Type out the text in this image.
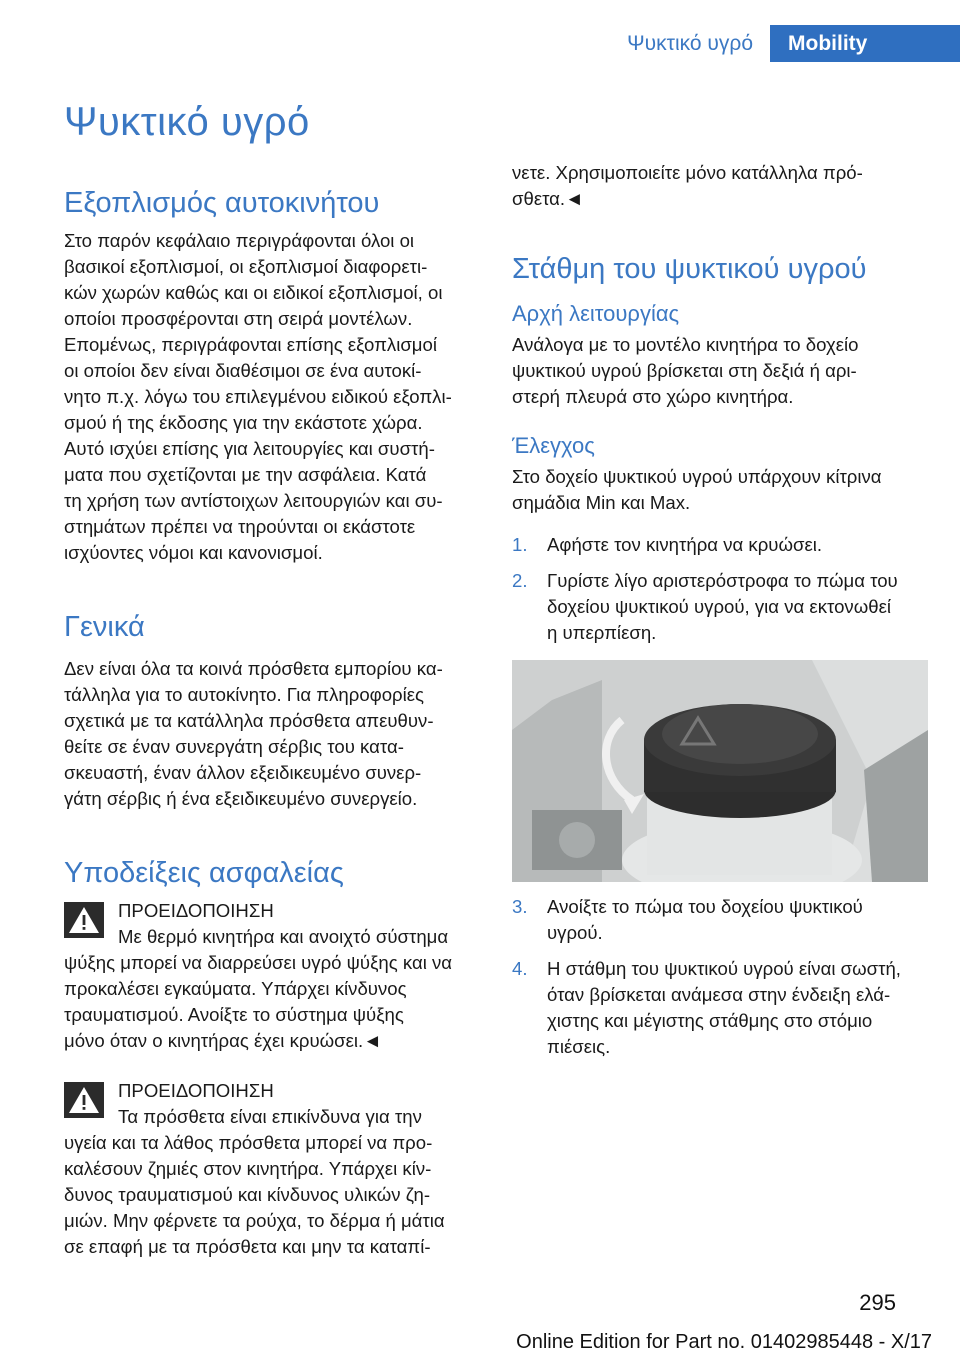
Ψυκτικό υγρό	Mobility
Ψυκτικό υγρό
Εξοπλισμός αυτοκινήτου

Στο παρόν κεφάλαιο περιγράφονται όλοι οι
βασικοί εξοπλισμοί, οι εξοπλισμοί διαφορετι-
κών χωρών καθώς και οι ειδικοί εξοπλισμοί, οι
οποίοι προσφέρονται στη σειρά μοντέλων.
Επομένως, περιγράφονται επίσης εξοπλισμοί
οι οποίοι δεν είναι διαθέσιμοι σε ένα αυτοκί-
νητο π.χ. λόγω του επιλεγμένου ειδικού εξοπλι-
σμού ή της έκδοσης για την εκάστοτε χώρα.
Αυτό ισχύει επίσης για λειτουργίες και συστή-
ματα που σχετίζονται με την ασφάλεια. Κατά
τη χρήση των αντίστοιχων λειτουργιών και συ-
στημάτων πρέπει να τηρούνται οι εκάστοτε
ισχύοντες νόμοι και κανονισμοί.

Γενικά

Δεν είναι όλα τα κοινά πρόσθετα εμπορίου κα-
τάλληλα για το αυτοκίνητο. Για πληροφορίες
σχετικά με τα κατάλληλα πρόσθετα απευθυν-
θείτε σε έναν συνεργάτη σέρβις του κατα-
σκευαστή, έναν άλλον εξειδικευμένο συνερ-
γάτη σέρβις ή ένα εξειδικευμένο συνεργείο.

Υποδείξεις ασφαλείας
ΠΡΟΕΙΔΟΠΟΙΗΣΗ
Με θερμό κινητήρα και ανοιχτό σύστημα

ψύξης μπορεί να διαρρεύσει υγρό ψύξης και να
προκαλέσει εγκαύματα. Υπάρχει κίνδυνος
τραυματισμού. Ανοίξτε το σύστημα ψύξης
μόνο όταν ο κινητήρας έχει κρυώσει.◄

ΠΡΟΕΙΔΟΠΟΙΗΣΗ
Τα πρόσθετα είναι επικίνδυνα για την

υγεία και τα λάθος πρόσθετα μπορεί να προ-
καλέσουν ζημιές στον κινητήρα. Υπάρχει κίν-
δυνος τραυματισμού και κίνδυνος υλικών ζη-
μιών. Μην φέρνετε τα ρούχα, το δέρμα ή μάτια
σε επαφή με τα πρόσθετα και μην τα καταπί-

νετε. Χρησιμοποιείτε μόνο κατάλληλα πρό-
σθετα.◄

Στάθμη του ψυκτικού υγρού
Αρχή λειτουργίας

Ανάλογα με το μοντέλο κινητήρα το δοχείο
ψυκτικού υγρού βρίσκεται στη δεξιά ή αρι-
στερή πλευρά στο χώρο κινητήρα.

Έλεγχος

Στο δοχείο ψυκτικού υγρού υπάρχουν κίτρινα
σημάδια Min και Max.

1.	Αφήστε τον κινητήρα να κρυώσει.
2.	Γυρίστε λίγο αριστερόστροφα το πώμα του
δοχείου ψυκτικού υγρού, για να εκτονωθεί
η υπερπίεση.
3.	Ανοίξτε το πώμα του δοχείου ψυκτικού
υγρού.
4.	Η στάθμη του ψυκτικού υγρού είναι σωστή,
όταν βρίσκεται ανάμεσα στην ένδειξη ελά-
χιστης και μέγιστης στάθμης στο στόμιο
πιέσεις.
295
Online Edition for Part no. 01402985448 - X/17
